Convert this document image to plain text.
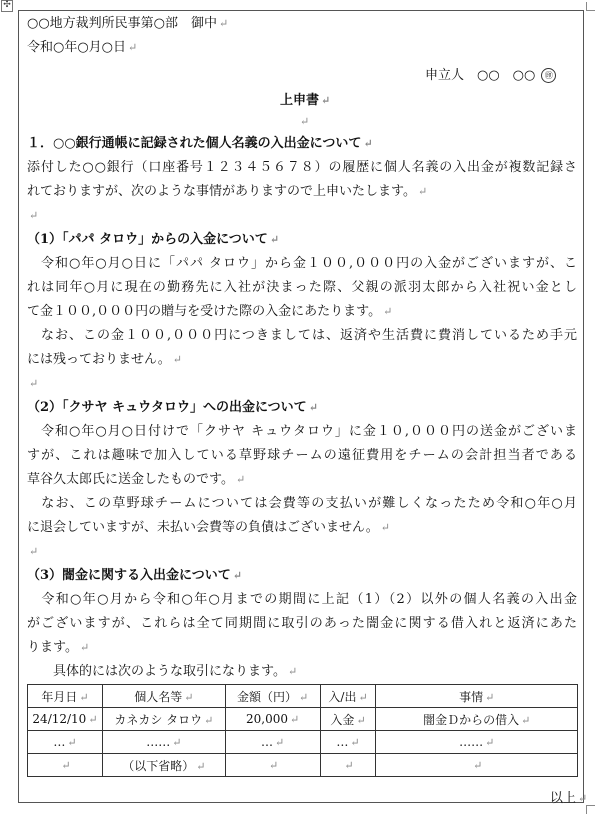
✣
○○地方裁判所民事第○部　御中 ↵
令和○年○月○日 ↵
申立人　○○　○○ ㊞
上申書 ↵
↵
１．○○銀行通帳に記録された個人名義の入出金について ↵
添付した○○銀行（口座番号１２３４５６７８）の履歴に個人名義の入出金が複数記録さ
れておりますが、次のような事情がありますので上申いたします。 ↵
↵
（1）「パパ タロウ」からの入金について ↵
　令和○年○月○日に「パパ タロウ」から金１００,０００円の入金がございますが、こ
れは同年○月に現在の勤務先に入社が決まった際、父親の派羽太郎から入社祝い金とし
て金１００,０００円の贈与を受けた際の入金にあたります。 ↵
　なお、この金１００,０００円につきましては、返済や生活費に費消しているため手元
には残っておりません。 ↵
↵
（2）「クサヤ キュウタロウ」への出金について ↵
　令和○年○月○日付けで「クサヤ キュウタロウ」に金１０,０００円の送金がございま
すが、これは趣味で加入している草野球チームの遠征費用をチームの会計担当者である
草谷久太郎氏に送金したものです。 ↵
　なお、この草野球チームについては会費等の支払いが難しくなったため令和○年○月
に退会していますが、未払い会費等の負債はございません。 ↵
↵
（3）闇金に関する入出金について ↵
　令和○年○月から令和○年○月までの期間に上記（1）（2）以外の個人名義の入出金
がございますが、これらは全て同期間に取引のあった闇金に関する借入れと返済にあた
ります。 ↵
　　具体的には次のような取引になります。 ↵
年月日 ↵	個人名等 ↵	金額（円） ↵	入/出 ↵	事情 ↵
24/12/10 ↵	カネカシ タロウ ↵	20,000 ↵	入金 ↵	闇金Ｄからの借入 ↵
… ↵	…… ↵	… ↵	… ↵	…… ↵
↵	（以下省略） ↵	↵	↵	↵
以上 ↵
